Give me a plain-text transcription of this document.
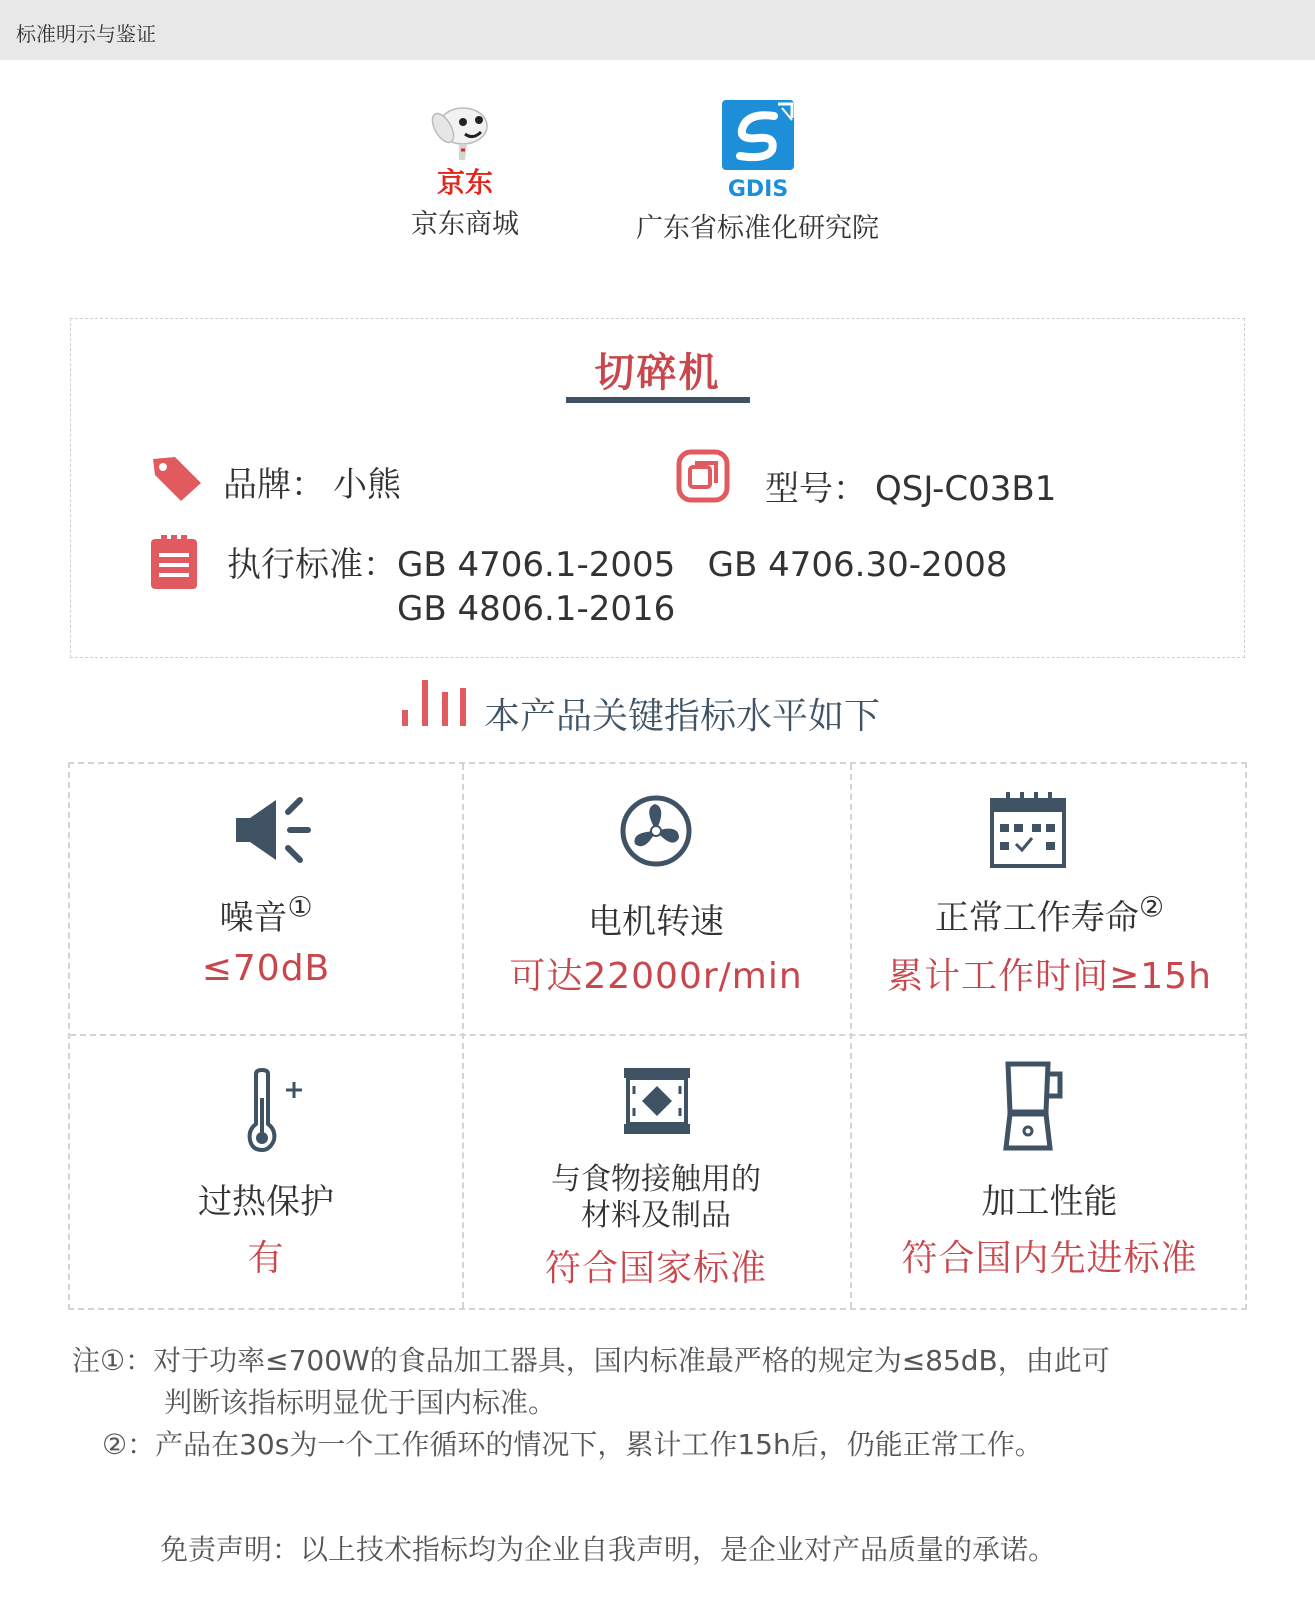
标准明示与鉴证
京东
京东商城
GDIS
广东省标准化研究院
切碎机
品牌： 小熊	型号： QSJ-C03B1
执行标准：GB 4706.1-2005   GB 4706.30-2008
GB 4806.1-2016
本产品关键指标水平如下
噪音①
≤70dB
电机转速
可达22000r/min
正常工作寿命②
累计工作时间≥15h
过热保护
有
与食物接触用的
材料及制品
符合国家标准
加工性能
符合国内先进标准
注①：对于功率≤700W的食品加工器具，国内标准最严格的规定为≤85dB，由此可
判断该指标明显优于国内标准。
②：产品在30s为一个工作循环的情况下，累计工作15h后，仍能正常工作。
免责声明：以上技术指标均为企业自我声明，是企业对产品质量的承诺。
